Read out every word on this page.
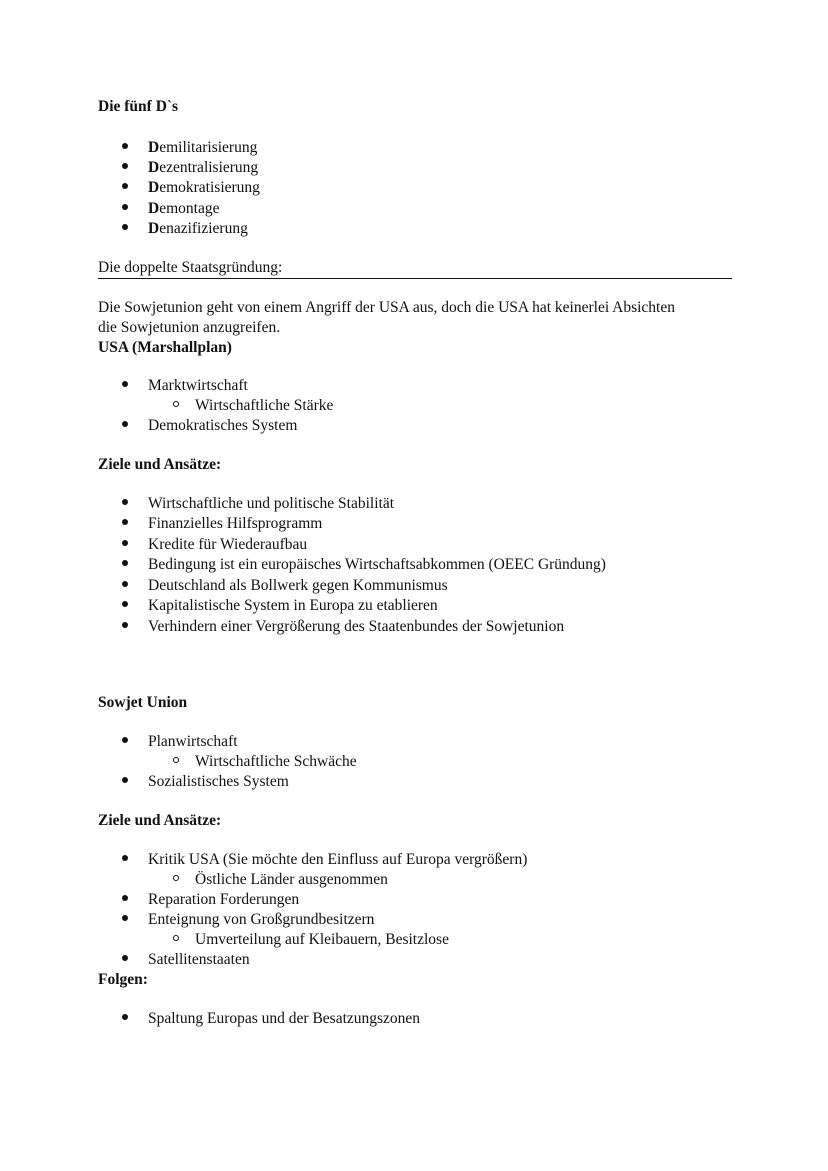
Die fünf D`s
Demilitarisierung
Dezentralisierung
Demokratisierung
Demontage
Denazifizierung
Die doppelte Staatsgründung:
Die Sowjetunion geht von einem Angriff der USA aus, doch die USA hat keinerlei Absichten
die Sowjetunion anzugreifen.
USA (Marshallplan)
Marktwirtschaft
Wirtschaftliche Stärke
Demokratisches System
Ziele und Ansätze:
Wirtschaftliche und politische Stabilität
Finanzielles Hilfsprogramm
Kredite für Wiederaufbau
Bedingung ist ein europäisches Wirtschaftsabkommen (OEEC Gründung)
Deutschland als Bollwerk gegen Kommunismus
Kapitalistische System in Europa zu etablieren
Verhindern einer Vergrößerung des Staatenbundes der Sowjetunion
Sowjet Union
Planwirtschaft
Wirtschaftliche Schwäche
Sozialistisches System
Ziele und Ansätze:
Kritik USA (Sie möchte den Einfluss auf Europa vergrößern)
Östliche Länder ausgenommen
Reparation Forderungen
Enteignung von Großgrundbesitzern
Umverteilung auf Kleibauern, Besitzlose
Satellitenstaaten
Folgen:
Spaltung Europas und der Besatzungszonen
